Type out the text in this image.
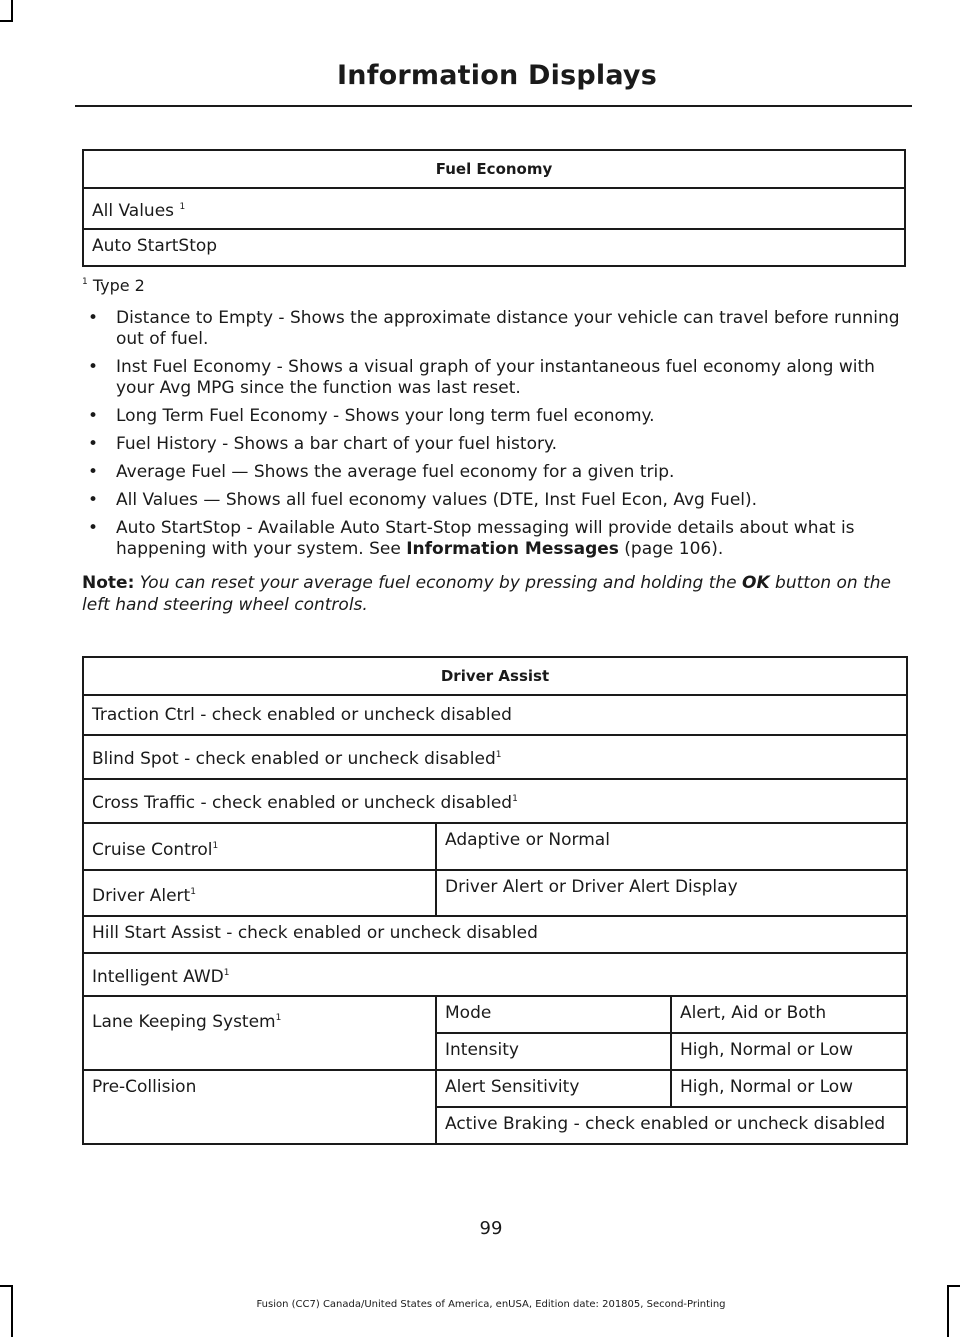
Information Displays
Fuel Economy
All Values $^1$
Auto StartStop
$^1$ Type 2
• Distance to Empty - Shows the approximate distance your vehicle can travel before running out of fuel.
• Inst Fuel Economy - Shows a visual graph of your instantaneous fuel economy along with your Avg MPG since the function was last reset.
• Long Term Fuel Economy - Shows your long term fuel economy.
• Fuel History - Shows a bar chart of your fuel history.
• Average Fuel — Shows the average fuel economy for a given trip.
• All Values — Shows all fuel economy values (DTE, Inst Fuel Econ, Avg Fuel).
• Auto StartStop - Available Auto Start-Stop messaging will provide details about what is happening with your system. See Information Messages (page 106).
Note: You can reset your average fuel economy by pressing and holding the OK button on the left hand steering wheel controls.
Driver Assist		
Traction Ctrl - check enabled or uncheck disabled		
Blind Spot - check enabled or uncheck disabled$^1$
Cross Traffic - check enabled or uncheck disabled$^1$
Cruise Control$^1$	Adaptive or Normal	
Driver Alert$^1$	Driver Alert or Driver Alert Display	
Hill Start Assist - check enabled or uncheck disabled		
Intelligent AWD$^1$
Lane Keeping System$^1$	Mode	Alert, Aid or Both
	Intensity	High, Normal or Low
Pre-Collision	Alert Sensitivity	High, Normal or Low
	Active Braking - check enabled or uncheck disabled	
99
Fusion (CC7) Canada/United States of America, enUSA, Edition date: 201805, Second-Printing
